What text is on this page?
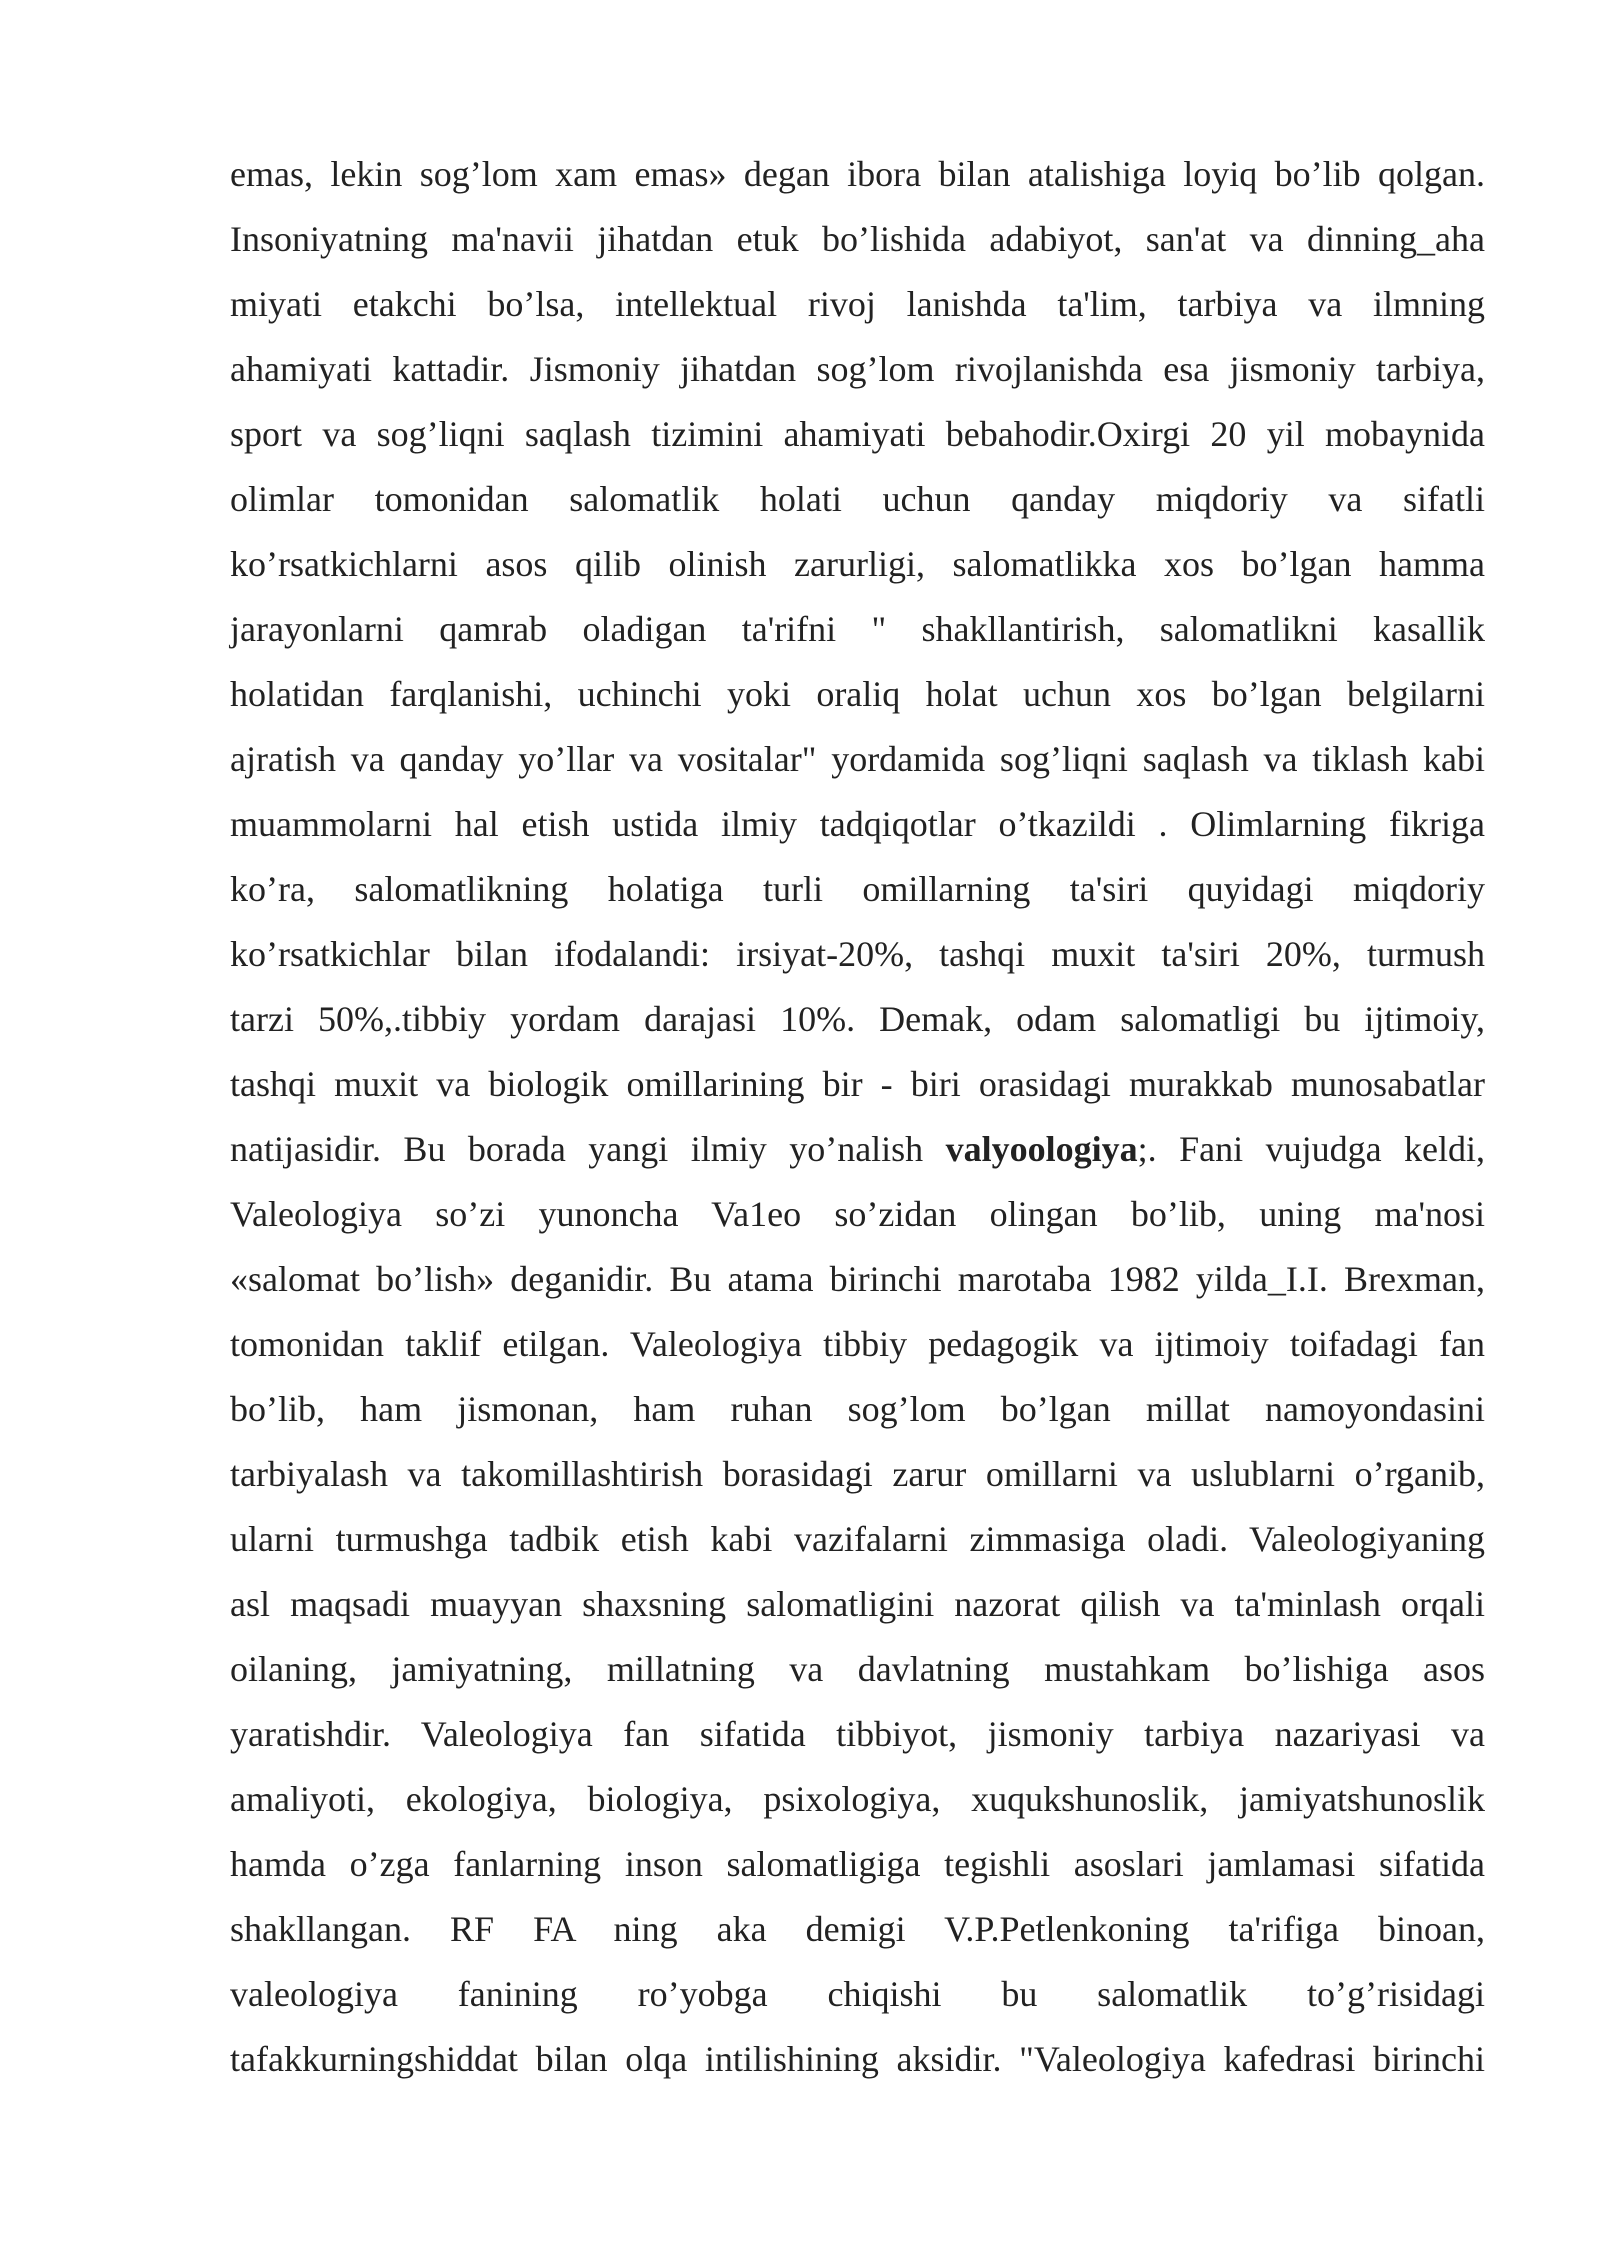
emas, lekin sog’lom xam emas» degan ibora bilan atalishiga loyiq bo’lib qolgan.
Insoniyatning ma'navii jihatdan etuk bo’lishida adabiyot, san'at va dinning_aha
miyati etakchi bo’lsa, intellektual rivoj lanishda ta'lim, tarbiya va ilmning
ahamiyati kattadir. Jismoniy jihatdan sog’lom rivojlanishda esa jismoniy tarbiya,
sport va sog’liqni saqlash tizimini ahamiyati bebahodir.Oxirgi 20 yil mobaynida
olimlar tomonidan salomatlik holati uchun qanday miqdoriy va sifatli
ko’rsatkichlarni asos qilib olinish zarurligi, salomatlikka xos bo’lgan hamma
jarayonlarni qamrab oladigan ta'rifni " shakllantirish, salomatlikni kasallik
holatidan farqlanishi, uchinchi yoki oraliq holat uchun xos bo’lgan belgilarni
ajratish va qanday yo’llar va vositalar" yordamida sog’liqni saqlash va tiklash kabi
muammolarni hal etish ustida ilmiy tadqiqotlar o’tkazildi . Olimlarning fikriga
ko’ra, salomatlikning holatiga turli omillarning ta'siri quyidagi miqdoriy
ko’rsatkichlar bilan ifodalandi: irsiyat-20%, tashqi muxit ta'siri 20%, turmush
tarzi 50%,.tibbiy yordam darajasi 10%. Demak, odam salomatligi bu ijtimoiy,
tashqi muxit va biologik omillarining bir - biri orasidagi murakkab munosabatlar
natijasidir. Bu borada yangi ilmiy yo’nalish valyoologiya;. Fani vujudga keldi,
Valeologiya so’zi yunoncha Va1eo so’zidan olingan bo’lib, uning ma'nosi
«salomat bo’lish» deganidir. Bu atama birinchi marotaba 1982 yilda_I.I. Brexman,
tomonidan taklif etilgan. Valeologiya tibbiy pedagogik va ijtimoiy toifadagi fan
bo’lib, ham jismonan, ham ruhan sog’lom bo’lgan millat namoyondasini
tarbiyalash va takomillashtirish borasidagi zarur omillarni va uslublarni o’rganib,
ularni turmushga tadbik etish kabi vazifalarni zimmasiga oladi. Valeologiyaning
asl maqsadi muayyan shaxsning salomatligini nazorat qilish va ta'minlash orqali
oilaning, jamiyatning, millatning va davlatning mustahkam bo’lishiga asos
yaratishdir. Valeologiya fan sifatida tibbiyot, jismoniy tarbiya nazariyasi va
amaliyoti, ekologiya, biologiya, psixologiya, xuqukshunoslik, jamiyatshunoslik
hamda o’zga fanlarning inson salomatligiga tegishli asoslari jamlamasi sifatida
shakllangan. RF FA ning aka demigi V.P.Petlenkoning ta'rifiga binoan,
valeologiya fanining ro’yobga chiqishi bu salomatlik to’g’risidagi
tafakkurningshiddat bilan olqa intilishining aksidir. "Valeologiya kafedrasi birinchi
